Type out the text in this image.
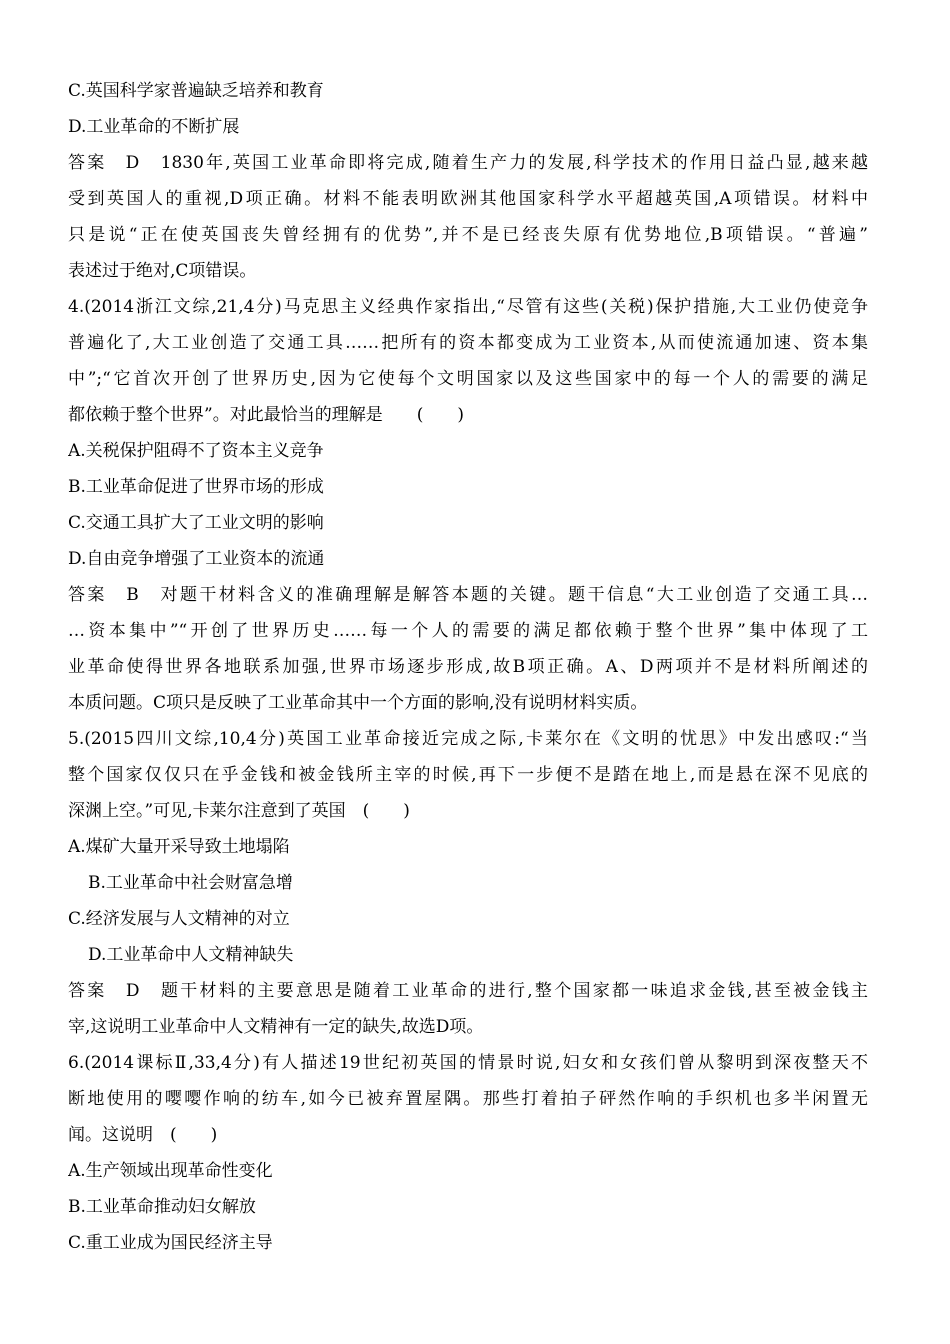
C.英国科学家普遍缺乏培养和教育
D.工业革命的不断扩展
答案　D　1830年,英国工业革命即将完成,随着生产力的发展,科学技术的作用日益凸显,越来越
受到英国人的重视,D项正确。材料不能表明欧洲其他国家科学水平超越英国,A项错误。材料中
只是说“正在使英国丧失曾经拥有的优势”,并不是已经丧失原有优势地位,B项错误。“普遍”
表述过于绝对,C项错误。
4.(2014浙江文综,21,4分)马克思主义经典作家指出,“尽管有这些(关税)保护措施,大工业仍使竞争
普遍化了,大工业创造了交通工具……把所有的资本都变成为工业资本,从而使流通加速、资本集
中”;“它首次开创了世界历史,因为它使每个文明国家以及这些国家中的每一个人的需要的满足
都依赖于整个世界”。对此最恰当的理解是　　(　　)
A.关税保护阻碍不了资本主义竞争
B.工业革命促进了世界市场的形成
C.交通工具扩大了工业文明的影响
D.自由竞争增强了工业资本的流通
答案　B　对题干材料含义的准确理解是解答本题的关键。题干信息“大工业创造了交通工具…
…资本集中”“开创了世界历史……每一个人的需要的满足都依赖于整个世界”集中体现了工
业革命使得世界各地联系加强,世界市场逐步形成,故B项正确。A、D两项并不是材料所阐述的
本质问题。C项只是反映了工业革命其中一个方面的影响,没有说明材料实质。
5.(2015四川文综,10,4分)英国工业革命接近完成之际,卡莱尔在《文明的忧思》中发出感叹:“当
整个国家仅仅只在乎金钱和被金钱所主宰的时候,再下一步便不是踏在地上,而是悬在深不见底的
深渊上空。”可见,卡莱尔注意到了英国　(　　)
A.煤矿大量开采导致土地塌陷
B.工业革命中社会财富急增
C.经济发展与人文精神的对立
D.工业革命中人文精神缺失
答案　D　题干材料的主要意思是随着工业革命的进行,整个国家都一味追求金钱,甚至被金钱主
宰,这说明工业革命中人文精神有一定的缺失,故选D项。
6.(2014课标Ⅱ,33,4分)有人描述19世纪初英国的情景时说,妇女和女孩们曾从黎明到深夜整天不
断地使用的嘤嘤作响的纺车,如今已被弃置屋隅。那些打着拍子砰然作响的手织机也多半闲置无
闻。这说明　(　　)
A.生产领域出现革命性变化
B.工业革命推动妇女解放
C.重工业成为国民经济主导
